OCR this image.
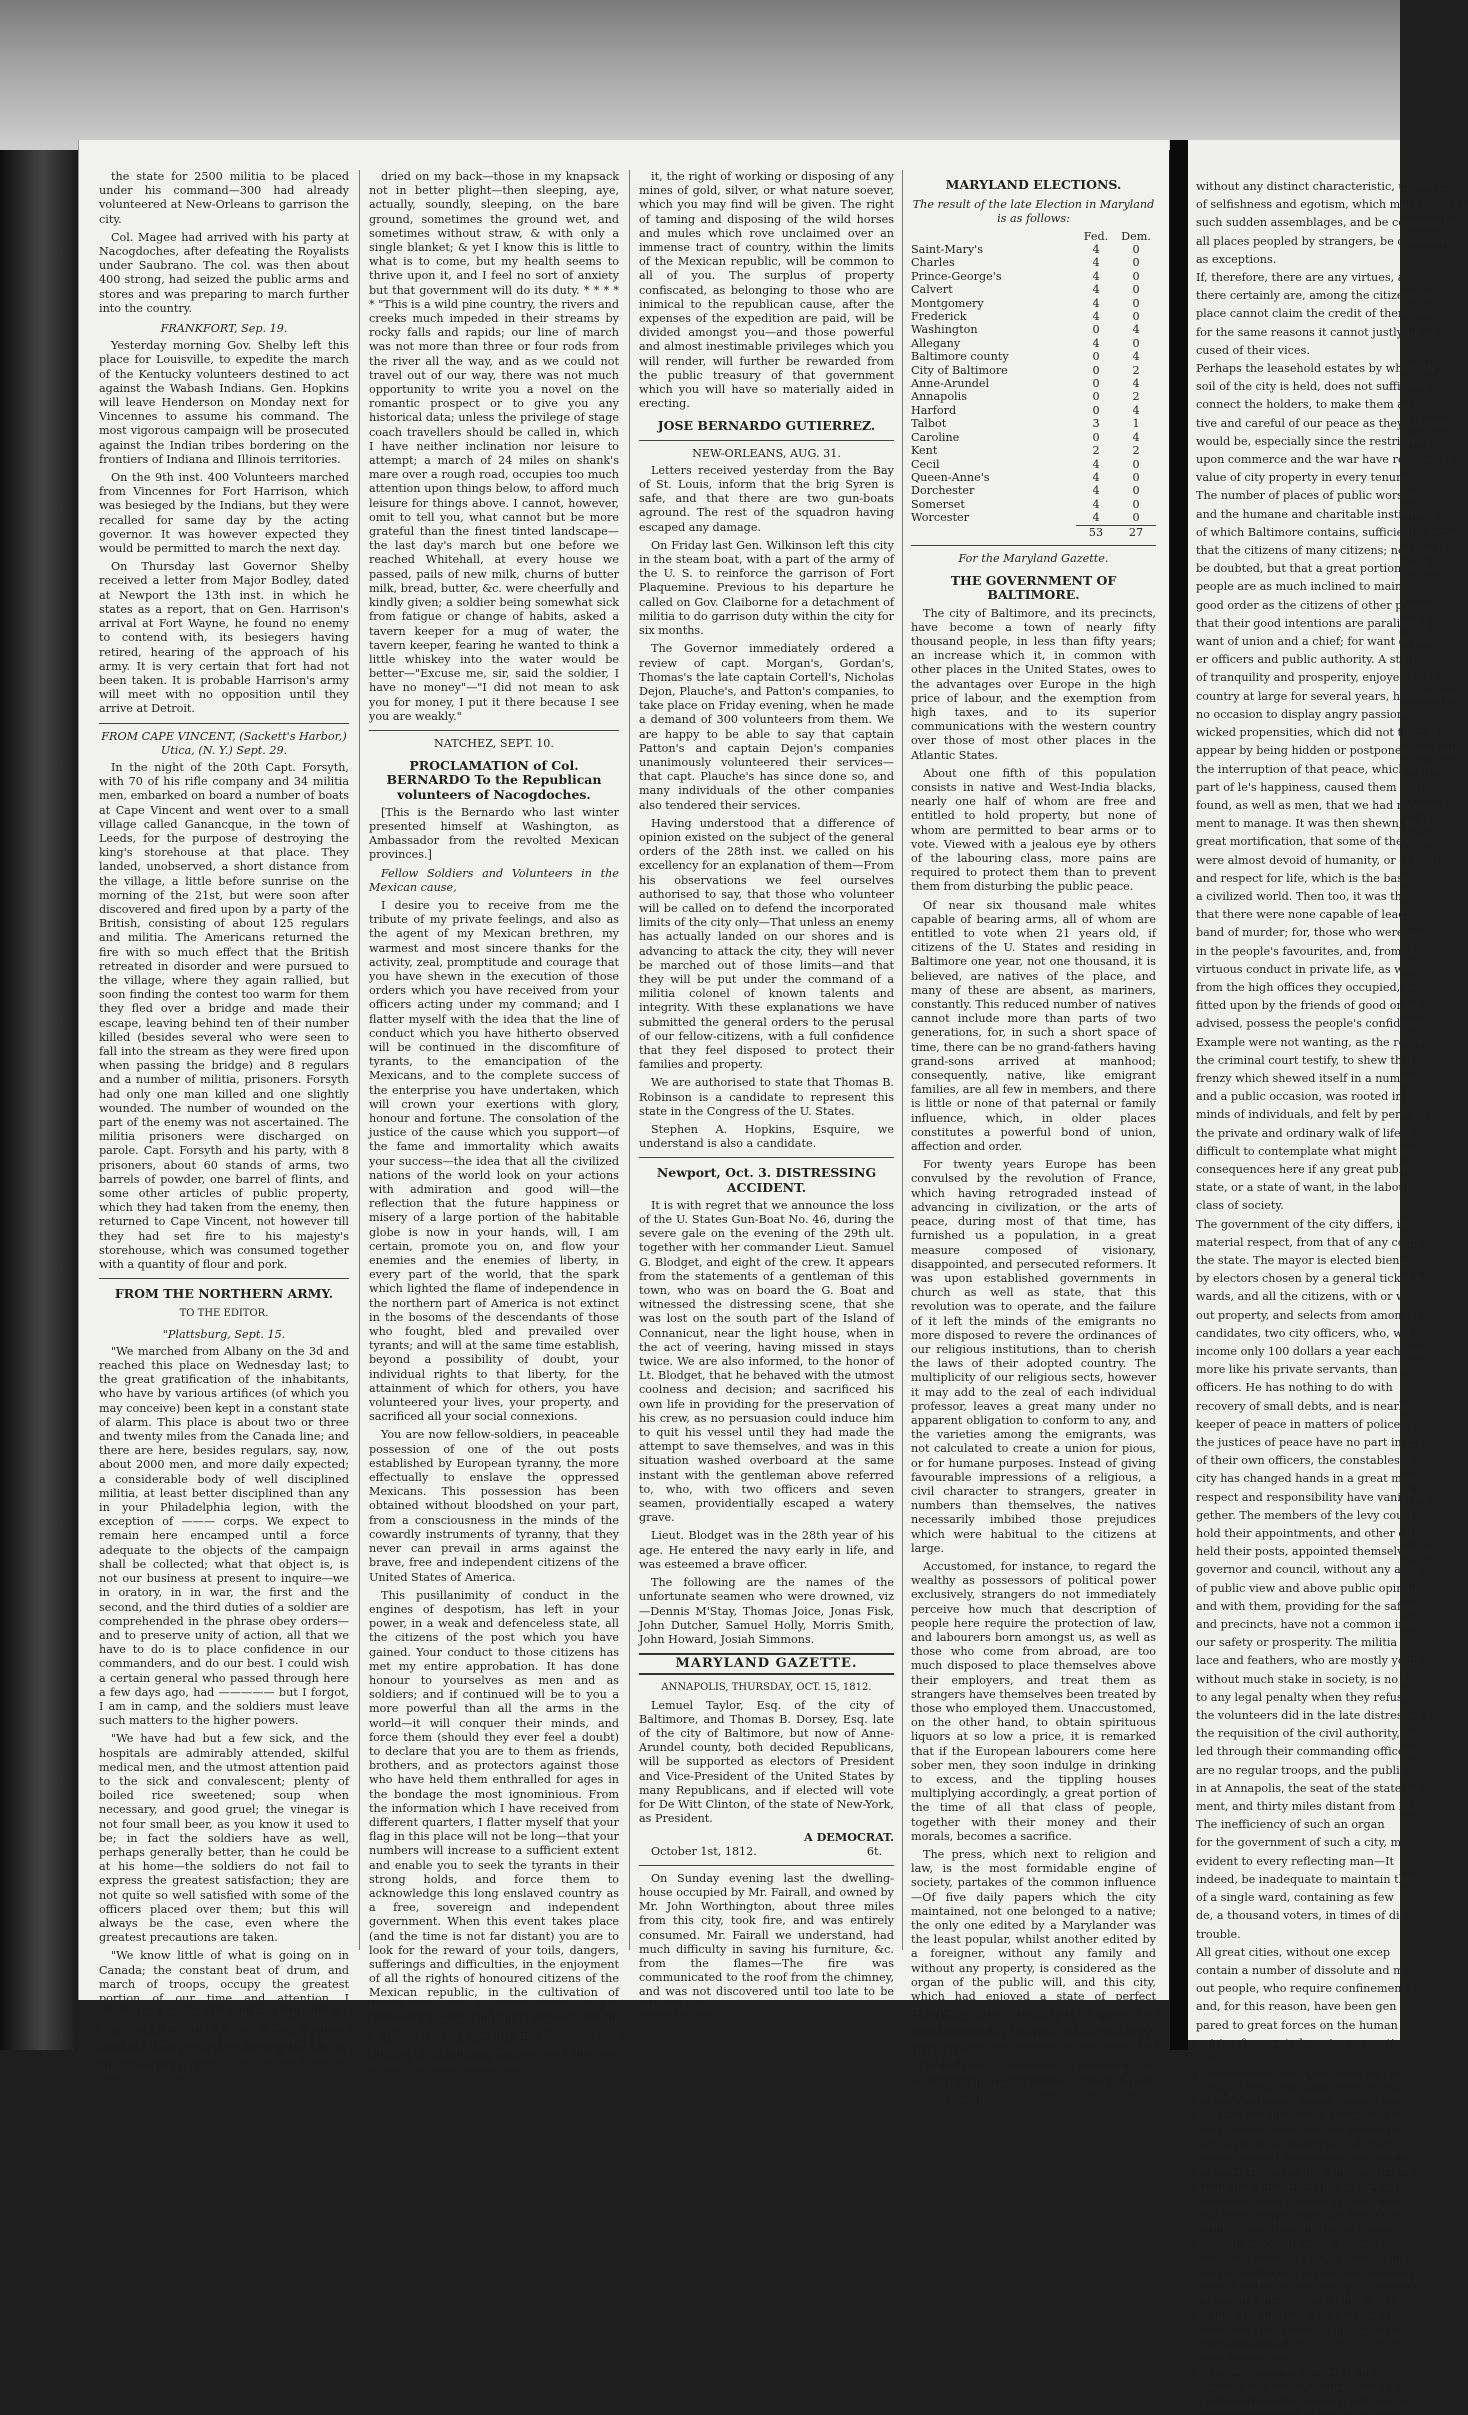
the state for 2500 militia to be placed under his command—300 had already volunteered at New-Orleans to garrison the city.

Col. Magee had arrived with his party at Nacogdoches, after defeating the Royalists under Saubrano. The col. was then about 400 strong, had seized the public arms and stores and was preparing to march further into the country.

FRANKFORT, Sep. 19.

Yesterday morning Gov. Shelby left this place for Louisville, to expedite the march of the Kentucky volunteers destined to act against the Wabash Indians. Gen. Hopkins will leave Henderson on Monday next for Vincennes to assume his command. The most vigorous campaign will be prosecuted against the Indian tribes bordering on the frontiers of Indiana and Illinois territories.

On the 9th inst. 400 Volunteers marched from Vincennes for Fort Harrison, which was besieged by the Indians, but they were recalled for same day by the acting governor. It was however expected they would be permitted to march the next day.

On Thursday last Governor Shelby received a letter from Major Bodley, dated at Newport the 13th inst. in which he states as a report, that on Gen. Harrison's arrival at Fort Wayne, he found no enemy to contend with, its besiegers having retired, hearing of the approach of his army. It is very certain that fort had not been taken. It is probable Harrison's army will meet with no opposition until they arrive at Detroit.

FROM CAPE VINCENT, (Sackett's Harbor,) Utica, (N. Y.) Sept. 29.

In the night of the 20th Capt. Forsyth, with 70 of his rifle company and 34 militia men, embarked on board a number of boats at Cape Vincent and went over to a small village called Ganancque, in the town of Leeds, for the purpose of destroying the king's storehouse at that place. They landed, unobserved, a short distance from the village, a little before sunrise on the morning of the 21st, but were soon after discovered and fired upon by a party of the British, consisting of about 125 regulars and militia. The Americans returned the fire with so much effect that the British retreated in disorder and were pursued to the village, where they again rallied, but soon finding the contest too warm for them they fled over a bridge and made their escape, leaving behind ten of their number killed (besides several who were seen to fall into the stream as they were fired upon when passing the bridge) and 8 regulars and a number of militia, prisoners. Forsyth had only one man killed and one slightly wounded. The number of wounded on the part of the enemy was not ascertained. The militia prisoners were discharged on parole. Capt. Forsyth and his party, with 8 prisoners, about 60 stands of arms, two barrels of powder, one barrel of flints, and some other articles of public property, which they had taken from the enemy, then returned to Cape Vincent, not however till they had set fire to his majesty's storehouse, which was consumed together with a quantity of flour and pork.

FROM THE NORTHERN ARMY.
TO THE EDITOR.
"Plattsburg, Sept. 15.

"We marched from Albany on the 3d and reached this place on Wednesday last; to the great gratification of the inhabitants, who have by various artifices (of which you may conceive) been kept in a constant state of alarm. This place is about two or three and twenty miles from the Canada line; and there are here, besides regulars, say, now, about 2000 men, and more daily expected; a considerable body of well disciplined militia, at least better disciplined than any in your Philadelphia legion, with the exception of ——— corps. We expect to remain here encamped until a force adequate to the objects of the campaign shall be collected; what that object is, is not our business at present to inquire—we in oratory, in in war, the first and the second, and the third duties of a soldier are comprehended in the phrase obey orders—and to preserve unity of action, all that we have to do is to place confidence in our commanders, and do our best. I could wish a certain general who passed through here a few days ago, had ————— but I forgot, I am in camp, and the soldiers must leave such matters to the higher powers.

"We have had but a few sick, and the hospitals are admirably attended, skilful medical men, and the utmost attention paid to the sick and convalescent; plenty of boiled rice sweetened; soup when necessary, and good gruel; the vinegar is not four small beer, as you know it used to be; in fact the soldiers have as well, perhaps generally better, than he could be at his home—the soldiers do not fail to express the greatest satisfaction; they are not quite so well satisfied with some of the officers placed over them; but this will always be the case, even where the greatest precautions are taken.

"We know little of what is going on in Canada; the constant beat of drum, and march of troops, occupy the greatest portion of our time and attention. I calculated beforehand on the hardships of a soldier's life, but I could hardly believe that my frame would bear even what I have already stood, clothes wet all day and all night, and at last

dried on my back—those in my knapsack not in better plight—then sleeping, aye, actually, soundly, sleeping, on the bare ground, sometimes the ground wet, and sometimes without straw, & with only a single blanket; & yet I know this is little to what is to come, but my health seems to thrive upon it, and I feel no sort of anxiety but that government will do its duty. * * * * * "This is a wild pine country, the rivers and creeks much impeded in their streams by rocky falls and rapids; our line of march was not more than three or four rods from the river all the way, and as we could not travel out of our way, there was not much opportunity to write you a novel on the romantic prospect or to give you any historical data; unless the privilege of stage coach travellers should be called in, which I have neither inclination nor leisure to attempt; a march of 24 miles on shank's mare over a rough road, occupies too much attention upon things below, to afford much leisure for things above. I cannot, however, omit to tell you, what cannot but be more grateful than the finest tinted landscape—the last day's march but one before we reached Whitehall, at every house we passed, pails of new milk, churns of butter milk, bread, butter, &c. were cheerfully and kindly given; a soldier being somewhat sick from fatigue or change of habits, asked a tavern keeper for a mug of water, the tavern keeper, fearing he wanted to think a little whiskey into the water would be better—"Excuse me, sir, said the soldier, I have no money"—"I did not mean to ask you for money, I put it there because I see you are weakly."

NATCHEZ, SEPT. 10.
PROCLAMATION of Col. BERNARDO To the Republican volunteers of Nacogdoches.

[This is the Bernardo who last winter presented himself at Washington, as Ambassador from the revolted Mexican provinces.]

Fellow Soldiers and Volunteers in the Mexican cause,

I desire you to receive from me the tribute of my private feelings, and also as the agent of my Mexican brethren, my warmest and most sincere thanks for the activity, zeal, promptitude and courage that you have shewn in the execution of those orders which you have received from your officers acting under my command; and I flatter myself with the idea that the line of conduct which you have hitherto observed will be continued in the discomfiture of tyrants, to the emancipation of the Mexicans, and to the complete success of the enterprise you have undertaken, which will crown your exertions with glory, honour and fortune. The consolation of the justice of the cause which you support—of the fame and immortality which awaits your success—the idea that all the civilized nations of the world look on your actions with admiration and good will—the reflection that the future happiness or misery of a large portion of the habitable globe is now in your hands, will, I am certain, promote you on, and flow your enemies and the enemies of liberty, in every part of the world, that the spark which lighted the flame of independence in the northern part of America is not extinct in the bosoms of the descendants of those who fought, bled and prevailed over tyrants; and will at the same time establish, beyond a possibility of doubt, your individual rights to that liberty, for the attainment of which for others, you have volunteered your lives, your property, and sacrificed all your social connexions.

You are now fellow-soldiers, in peaceable possession of one of the out posts established by European tyranny, the more effectually to enslave the oppressed Mexicans. This possession has been obtained without bloodshed on your part, from a consciousness in the minds of the cowardly instruments of tyranny, that they never can prevail in arms against the brave, free and independent citizens of the United States of America.

This pusillanimity of conduct in the engines of despotism, has left in your power, in a weak and defenceless state, all the citizens of the post which you have gained. Your conduct to those citizens has met my entire approbation. It has done honour to yourselves as men and as soldiers; and if continued will be to you a more powerful than all the arms in the world—it will conquer their minds, and force them (should they ever feel a doubt) to declare that you are to them as friends, brothers, and as protectors against those who have held them enthralled for ages in the bondage the most ignominious. From the information which I have received from different quarters, I flatter myself that your flag in this place will not be long—that your numbers will increase to a sufficient extent and enable you to seek the tyrants in their strong holds, and force them to acknowledge this long enslaved country as a free, sovereign and independent government. When this event takes place (and the time is not far distant) you are to look for the reward of your toils, dangers, sufferings and difficulties, in the enjoyment of all the rights of honoured citizens of the Mexican republic, in the cultivation of those lands, which I pledge myself will be assigned to every individual among you, or in the pursuit of wealth and happiness, in such way as your inclinations may point out to you. To those who desire

it, the right of working or disposing of any mines of gold, silver, or what nature soever, which you may find will be given. The right of taming and disposing of the wild horses and mules which rove unclaimed over an immense tract of country, within the limits of the Mexican republic, will be common to all of you. The surplus of property confiscated, as belonging to those who are inimical to the republican cause, after the expenses of the expedition are paid, will be divided amongst you—and those powerful and almost inestimable privileges which you will render, will further be rewarded from the public treasury of that government which you will have so materially aided in erecting.

JOSE BERNARDO GUTIERREZ.
NEW-ORLEANS, AUG. 31.

Letters received yesterday from the Bay of St. Louis, inform that the brig Syren is safe, and that there are two gun-boats aground. The rest of the squadron having escaped any damage.

On Friday last Gen. Wilkinson left this city in the steam boat, with a part of the army of the U. S. to reinforce the garrison of Fort Plaquemine. Previous to his departure he called on Gov. Claiborne for a detachment of militia to do garrison duty within the city for six months.

The Governor immediately ordered a review of capt. Morgan's, Gordan's, Thomas's the late captain Cortell's, Nicholas Dejon, Plauche's, and Patton's companies, to take place on Friday evening, when he made a demand of 300 volunteers from them. We are happy to be able to say that captain Patton's and captain Dejon's companies unanimously volunteered their services—that capt. Plauche's has since done so, and many individuals of the other companies also tendered their services.

Having understood that a difference of opinion existed on the subject of the general orders of the 28th inst. we called on his excellency for an explanation of them—From his observations we feel ourselves authorised to say, that those who volunteer will be called on to defend the incorporated limits of the city only—That unless an enemy has actually landed on our shores and is advancing to attack the city, they will never be marched out of those limits—and that they will be put under the command of a militia colonel of known talents and integrity. With these explanations we have submitted the general orders to the perusal of our fellow-citizens, with a full confidence that they feel disposed to protect their families and property.

We are authorised to state that Thomas B. Robinson is a candidate to represent this state in the Congress of the U. States.

Stephen A. Hopkins, Esquire, we understand is also a candidate.

Newport, Oct. 3. DISTRESSING ACCIDENT.

It is with regret that we announce the loss of the U. States Gun-Boat No. 46, during the severe gale on the evening of the 29th ult. together with her commander Lieut. Samuel G. Blodget, and eight of the crew. It appears from the statements of a gentleman of this town, who was on board the G. Boat and witnessed the distressing scene, that she was lost on the south part of the Island of Connanicut, near the light house, when in the act of veering, having missed in stays twice. We are also informed, to the honor of Lt. Blodget, that he behaved with the utmost coolness and decision; and sacrificed his own life in providing for the preservation of his crew, as no persuasion could induce him to quit his vessel until they had made the attempt to save themselves, and was in this situation washed overboard at the same instant with the gentleman above referred to, who, with two officers and seven seamen, providentially escaped a watery grave.

Lieut. Blodget was in the 28th year of his age. He entered the navy early in life, and was esteemed a brave officer.

The following are the names of the unfortunate seamen who were drowned, viz—Dennis M'Stay, Thomas Joice, Jonas Fisk, John Dutcher, Samuel Holly, Morris Smith, John Howard, Josiah Simmons.

MARYLAND GAZETTE.
ANNAPOLIS, THURSDAY, OCT. 15, 1812.

Lemuel Taylor, Esq. of the city of Baltimore, and Thomas B. Dorsey, Esq. late of the city of Baltimore, but now of Anne-Arundel county, both decided Republicans, will be supported as electors of President and Vice-President of the United States by many Republicans, and if elected will vote for De Witt Clinton, of the state of New-York, as President.

A DEMOCRAT.
October 1st, 1812.	6t.

On Sunday evening last the dwelling-house occupied by Mr. Fairall, and owned by Mr. John Worthington, about three miles from this city, took fire, and was entirely consumed. Mr. Fairall we understand, had much difficulty in saving his furniture, &c. from the flames—The fire was communicated to the roof from the chimney, and was not discovered until too late to be extinguished.

MARYLAND ELECTIONS.
The result of the late Election in Maryland is as follows:
	Fed.	Dem.
Saint-Mary's	4	0
Charles	4	0
Prince-George's	4	0
Calvert	4	0
Montgomery	4	0
Frederick	4	0
Washington	0	4
Allegany	4	0
Baltimore county	0	4
City of Baltimore	0	2
Anne-Arundel	0	4
Annapolis	0	2
Harford	0	4
Talbot	3	1
Caroline	0	4
Kent	2	2
Cecil	4	0
Queen-Anne's	4	0
Dorchester	4	0
Somerset	4	0
Worcester	4	0
	53	27
For the Maryland Gazette.
THE GOVERNMENT OF BALTIMORE.

The city of Baltimore, and its precincts, have become a town of nearly fifty thousand people, in less than fifty years; an increase which it, in common with other places in the United States, owes to the advantages over Europe in the high price of labour, and the exemption from high taxes, and to its superior communications with the western country over those of most other places in the Atlantic States.

About one fifth of this population consists in native and West-India blacks, nearly one half of whom are free and entitled to hold property, but none of whom are permitted to bear arms or to vote. Viewed with a jealous eye by others of the labouring class, more pains are required to protect them than to prevent them from disturbing the public peace.

Of near six thousand male whites capable of bearing arms, all of whom are entitled to vote when 21 years old, if citizens of the U. States and residing in Baltimore one year, not one thousand, it is believed, are natives of the place, and many of these are absent, as mariners, constantly. This reduced number of natives cannot include more than parts of two generations, for, in such a short space of time, there can be no grand-fathers having grand-sons arrived at manhood; consequently, native, like emigrant families, are all few in members, and there is little or none of that paternal or family influence, which, in older places constitutes a powerful bond of union, affection and order.

For twenty years Europe has been convulsed by the revolution of France, which having retrograded instead of advancing in civilization, or the arts of peace, during most of that time, has furnished us a population, in a great measure composed of visionary, disappointed, and persecuted reformers. It was upon established governments in church as well as state, that this revolution was to operate, and the failure of it left the minds of the emigrants no more disposed to revere the ordinances of our religious institutions, than to cherish the laws of their adopted country. The multiplicity of our religious sects, however it may add to the zeal of each individual professor, leaves a great many under no apparent obligation to conform to any, and the varieties among the emigrants, was not calculated to create a union for pious, or for humane purposes. Instead of giving favourable impressions of a religious, a civil character to strangers, greater in numbers than themselves, the natives necessarily imbibed those prejudices which were habitual to the citizens at large.

Accustomed, for instance, to regard the wealthy as possessors of political power exclusively, strangers do not immediately perceive how much that description of people here require the protection of law, and labourers born amongst us, as well as those who come from abroad, are too much disposed to place themselves above their employers, and treat them as strangers have themselves been treated by those who employed them. Unaccustomed, on the other hand, to obtain spirituous liquors at so low a price, it is remarked that if the European labourers come here sober men, they soon indulge in drinking to excess, and the tippling houses multiplying accordingly, a great portion of the time of all that class of people, together with their money and their morals, becomes a sacrifice.

The press, which next to religion and law, is the most formidable engine of society, partakes of the common influence—Of five daily papers which the city maintained, not one belonged to a native; the only one edited by a Marylander was the least popular, whilst another edited by a foreigner, without any family and without any property, is considered as the organ of the public will, and this city, which had enjoyed a state of perfect tranquility for ten years before its establishment, has not had that peace since interrupted, without being moved by that paper.

Inhabitants bringing together so recently different manners and habits, leaves the city

without any distinct characteristic, unless th

of selfishness and egotism, which must attend a

such sudden assemblages, and be common to

all places peopled by strangers, be considere

as exceptions.

If, therefore, there are any virtues, a

there certainly are, among the citizens, th

place cannot claim the credit of them, and

for the same reasons it cannot justly be ac

cused of their vices.

Perhaps the leasehold estates by which th

soil of the city is held, does not sufficient

connect the holders, to make them as atte

tive and careful of our peace as they otherw

would be, especially since the restriction

upon commerce and the war have reduced th

value of city property in every tenure.

The number of places of public worshi

and the humane and charitable institution

of which Baltimore contains, sufficiently evince

that the citizens of many citizens; nor can it

be doubted, but that a great portion of the

people are as much inclined to maintai

good order as the citizens of other places, a

that their good intentions are paralised f

want of union and a chief; for want of prop

er officers and public authority. A state

of tranquility and prosperity, enjoyed by th

country at large for several years, had afforde

no occasion to display angry passions, o

wicked propensities, which did not then di

appear by being hidden or postponed; and wh

the interruption of that peace, which a gre

part of le's happiness, caused them to fi

found, as well as men, that we had no gover

ment to manage. It was then shewn, to th

great mortification, that some of the citize

were almost devoid of humanity, or of feeli

and respect for life, which is the basis

a civilized world. Then too, it was the

that there were none capable of leading

band of murder; for, those who were mo

in the people's favourites, and, from th

virtuous conduct in private life, as well

from the high offices they occupied, were

fitted upon by the friends of good order

advised, possess the people's confidence.

Example were not wanting, as the record

the criminal court testify, to shew that

frenzy which shewed itself in a numbe

and a public occasion, was rooted in t

minds of individuals, and felt by persons

the private and ordinary walk of life. I

difficult to contemplate what might be

consequences here if any great public

state, or a state of want, in the labour

class of society.

The government of the city differs, in

material respect, from that of any coun

the state. The mayor is elected bienni

by electors chosen by a general ticket e

wards, and all the citizens, with or w

out property, and selects from amongst

candidates, two city officers, who, wit

income only 100 dollars a year each, an

more like his private servants, than his

officers. He has nothing to do with

recovery of small debts, and is nearly

keeper of peace in matters of police; a

the justices of peace have no part in the

of their own officers, the constables, a

city has changed hands in a great mea

respect and responsibility have vanished

gether. The members of the levy court

hold their appointments, and other offic

held their posts, appointed themselves by

governor and council, without any auth

of public view and above public opinion

and with them, providing for the safety

and precincts, have not a common inte

our safety or prosperity. The militia

lace and feathers, who are mostly youn

without much stake in society, is no fo

to any legal penalty when they refuse

the volunteers did in the late distressed t

the requisition of the civil authority, ca

led through their commanding officers.

are no regular troops, and the public

in at Annapolis, the seat of the state go

ment, and thirty miles distant from Bal

The inefficiency of such an organ

for the government of such a city, m

evident to every reflecting man—It

indeed, be inadequate to maintain the

of a single ward, containing as few

de, a thousand voters, in times of dis

trouble.

All great cities, without one excep

contain a number of dissolute and m

out people, who require confinement t

and, for this reason, have been gen

pared to great forces on the human b

quiring frequent cleansing or caution

tive.

Twenty years ago it was said by the

brated Colquhoun, that London cont

fifty thousand people, whose only pe

was a violence on rights of property

violent to every individual who was s

personal rights of their fellow-citizens

about that time from the perturbed

the public mind, caused by the Fren

lution, it was thought proper to est

manent police offices, in place of

justices of peace, by which every fort

tunate people of that city are rescued f

customary punishment, which was fo

by inflicted on them by a mercenary

army; and the peace of the city is ne

rarely disturbed.

By establishments similar in na

dermen and mayor's courts, and by

of appointing and paying these office
